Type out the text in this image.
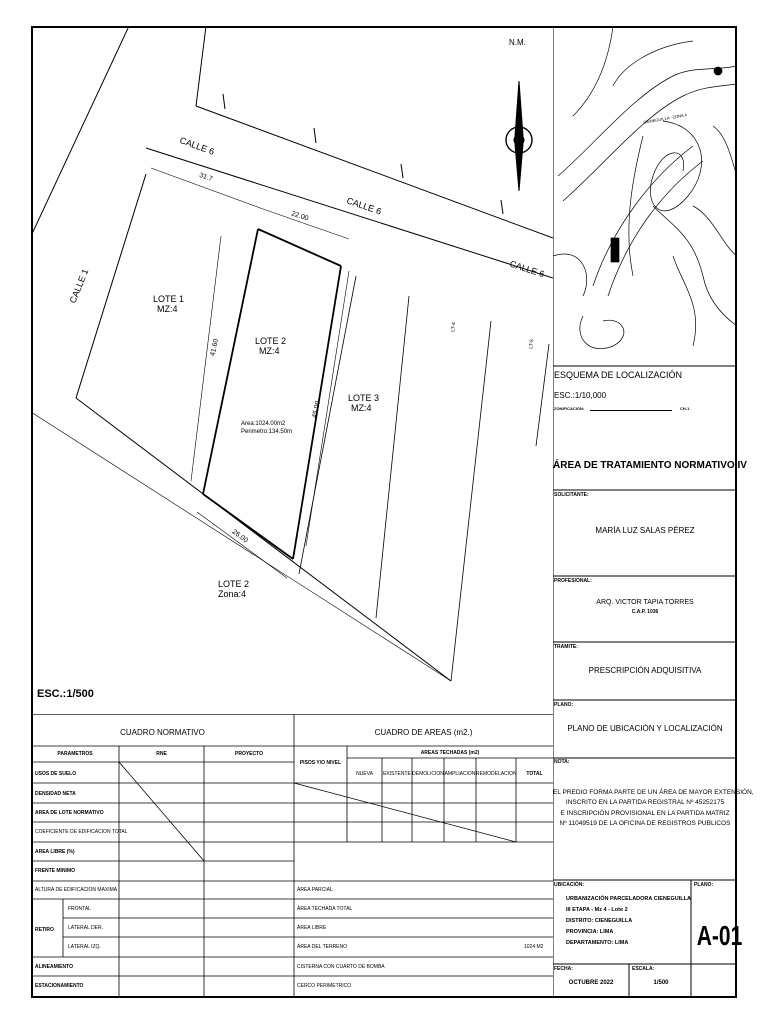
N.M.
CALLE 6
CALLE 6
CALLE 6
CALLE 1
31.7
22.00
41.60
45.00
26.00
LOTE 1
MZ:4
LOTE 2
MZ:4
Area:1024.00m2
Perimetro:134.50m
LOTE 3
MZ:4
LOTE 2
Zona:4
LT-4
LT-5
ESC.:1/500
CIENEGUILLA - ZONA 4
ESQUEMA DE LOCALIZACIÓN
ESC.:1/10,000
ZONIFICACION:	CH-1
ÁREA DE TRATAMIENTO NORMATIVO IV
SOLICITANTE:
MARÍA LUZ SALAS PÉREZ
PROFESIONAL:
ARQ. VICTOR TAPIA TORRES
C.A.P. 1036
TRAMITE:
PRESCRIPCIÓN ADQUISITIVA
PLANO:
PLANO DE UBICACIÓN Y LOCALIZACIÓN
NOTA:
EL PREDIO FORMA PARTE DE UN ÁREA DE MAYOR EXTENSIÓN,
INSCRITO EN LA PARTIDA REGISTRAL Nº 45252175
E INSCRIPCIÓN PROVISIONAL EN LA PARTIDA MATRIZ
Nº 11049519 DE LA OFICINA DE REGISTROS PUBLICOS
UBICACIÓN:
URBANIZACIÓN PARCELADORA CIENEGUILLA
III ETAPA - Mz 4 - Lote 2
DISTRITO: CIENEGUILLA
PROVINCIA: LIMA
DEPARTAMENTO: LIMA
PLANO:
A-01
FECHA:
OCTUBRE 2022
ESCALA:
1/500
CUADRO NORMATIVO	CUADRO DE AREAS (m2.)
PARAMETROS	RNE	PROYECTO
USOS DE SUELO
DENSIDAD NETA
AREA DE LOTE NORMATIVO
COEFICIENTE DE EDIFICACION TOTAL
AREA LIBRE (%)
FRENTE MINIMO
ALTURA DE EDIFICACION MAXIMA
RETIRO
FRONTAL
LATERAL DER.
LATERAL IZQ.
ALINEAMIENTO
ESTACIONAMIENTO
PISOS Y/O NIVEL
AREAS TECHADAS (m2)
NUEVA	EXISTENTE DEMOLICION AMPLIACION REMODELACION	TOTAL
ÁREA PARCIAL
ÁREA TECHADA TOTAL
ÁREA LIBRE
ÁREA DEL TERRENO	1024 M2
CISTERNA CON CUARTO DE BOMBA
CERCO PERIMETRICO
